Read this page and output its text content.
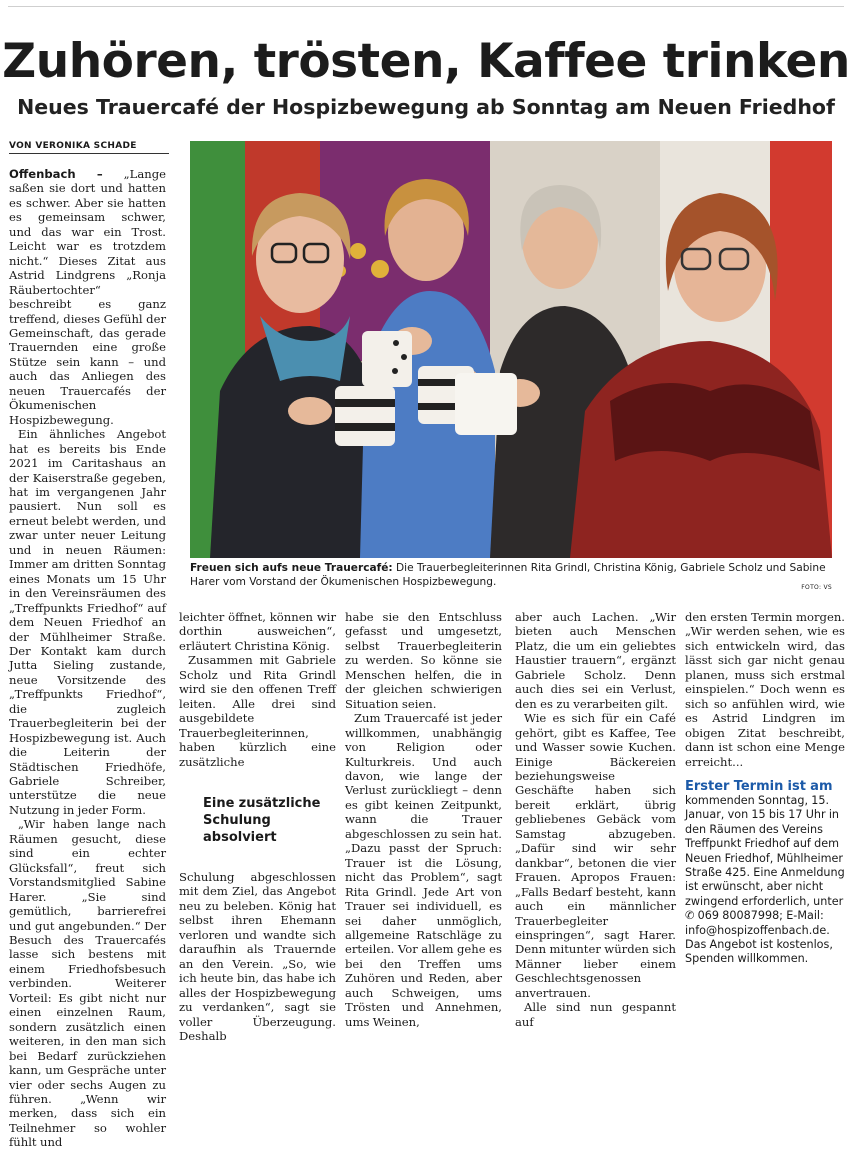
Zuhören, trösten, Kaffee trinken
Neues Trauercafé der Hospizbewegung ab Sonntag am Neuen Friedhof
VON VERONIKA SCHADE

Offenbach – „Lange saßen sie dort und hatten es schwer. Aber sie hatten es gemeinsam schwer, und das war ein Trost. Leicht war es trotzdem nicht.“ Dieses Zitat aus Astrid Lindgrens „Ronja Räubertochter“ beschreibt es ganz treffend, dieses Gefühl der Gemeinschaft, das gerade Trauernden eine große Stütze sein kann – und auch das Anliegen des neuen Trauercafés der Ökumenischen Hospizbewegung.

Ein ähnliches Angebot hat es bereits bis Ende 2021 im Caritashaus an der Kaiserstraße gegeben, hat im vergangenen Jahr pausiert. Nun soll es erneut belebt werden, und zwar unter neuer Leitung und in neuen Räumen: Immer am dritten Sonntag eines Monats um 15 Uhr in den Vereinsräumen des „Treffpunkts Friedhof“ auf dem Neuen Friedhof an der Mühlheimer Straße. Der Kontakt kam durch Jutta Sieling zustande, neue Vorsitzende des „Treffpunkts Friedhof“, die zugleich Trauerbegleiterin bei der Hospizbewegung ist. Auch die Leiterin der Städtischen Friedhöfe, Gabriele Schreiber, unterstütze die neue Nutzung in jeder Form.

„Wir haben lange nach Räumen gesucht, diese sind ein echter Glücksfall“, freut sich Vorstandsmitglied Sabine Harer. „Sie sind gemütlich, barrierefrei und gut angebunden.“ Der Besuch des Trauercafés lasse sich bestens mit einem Friedhofsbesuch verbinden. Weiterer Vorteil: Es gibt nicht nur einen einzelnen Raum, sondern zusätzlich einen weiteren, in den man sich bei Bedarf zurückziehen kann, um Gespräche unter vier oder sechs Augen zu führen. „Wenn wir merken, dass sich ein Teilnehmer so wohler fühlt und

Freuen sich aufs neue Trauercafé: Die Trauerbegleiterinnen Rita Grindl, Christina König, Gabriele Scholz und Sabine Harer vom Vorstand der Ökumenischen Hospizbewegung.	FOTO: VS

leichter öffnet, können wir dorthin ausweichen“, erläutert Christina König.

Zusammen mit Gabriele Scholz und Rita Grindl wird sie den offenen Treff leiten. Alle drei sind ausgebildete Trauerbegleiterinnen, haben kürzlich eine zusätzliche

Eine zusätzliche Schulung absolviert

Schulung abgeschlossen mit dem Ziel, das Angebot neu zu beleben. König hat selbst ihren Ehemann verloren und wandte sich daraufhin als Trauernde an den Verein. „So, wie ich heute bin, das habe ich alles der Hospizbewegung zu verdanken“, sagt sie voller Überzeugung. Deshalb

habe sie den Entschluss gefasst und umgesetzt, selbst Trauerbegleiterin zu werden. So könne sie Menschen helfen, die in der gleichen schwierigen Situation seien.

Zum Trauercafé ist jeder willkommen, unabhängig von Religion oder Kulturkreis. Und auch davon, wie lange der Verlust zurückliegt – denn es gibt keinen Zeitpunkt, wann die Trauer abgeschlossen zu sein hat. „Dazu passt der Spruch: Trauer ist die Lösung, nicht das Problem“, sagt Rita Grindl. Jede Art von Trauer sei individuell, es sei daher unmöglich, allgemeine Ratschläge zu erteilen. Vor allem gehe es bei den Treffen ums Zuhören und Reden, aber auch Schweigen, ums Trösten und Annehmen, ums Weinen,

aber auch Lachen. „Wir bieten auch Menschen Platz, die um ein geliebtes Haustier trauern“, ergänzt Gabriele Scholz. Denn auch dies sei ein Verlust, den es zu verarbeiten gilt.

Wie es sich für ein Café gehört, gibt es Kaffee, Tee und Wasser sowie Kuchen. Einige Bäckereien beziehungsweise Geschäfte haben sich bereit erklärt, übrig gebliebenes Gebäck vom Samstag abzugeben. „Dafür sind wir sehr dankbar“, betonen die vier Frauen. Apropos Frauen: „Falls Bedarf besteht, kann auch ein männlicher Trauerbegleiter einspringen“, sagt Harer. Denn mitunter würden sich Männer lieber einem Geschlechtsgenossen anvertrauen.

Alle sind nun gespannt auf

den ersten Termin morgen. „Wir werden sehen, wie es sich entwickeln wird, das lässt sich gar nicht genau planen, muss sich erstmal einspielen.“ Doch wenn es sich so anfühlen wird, wie es Astrid Lindgren im obigen Zitat beschreibt, dann ist schon eine Menge erreicht...

Erster Termin ist am
kommenden Sonntag, 15. Januar, von 15 bis 17 Uhr in den Räumen des Vereins Treffpunkt Friedhof auf dem Neuen Friedhof, Mühlheimer Straße 425. Eine Anmeldung ist erwünscht, aber nicht zwingend erforderlich, unter ✆ 069 80087998; E-Mail: info@hospizoffenbach.de. Das Angebot ist kostenlos, Spenden willkommen.
